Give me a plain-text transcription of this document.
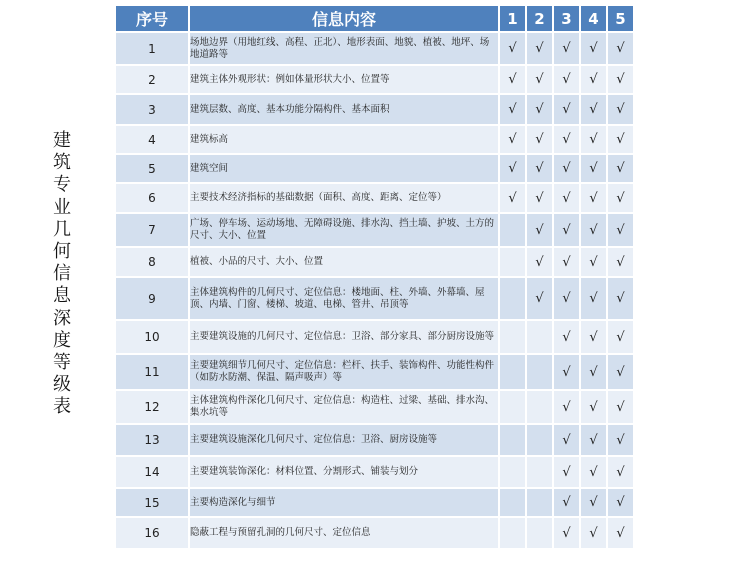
建
筑
专
业
几
何
信
息
深
度
等
级
表
序号	信息内容	1	2	3	4	5
1	场地边界（用地红线、高程、正北）、地形表面、地貌、植被、地坪、场地道路等	√	√	√	√	√
2	建筑主体外观形状：例如体量形状大小、位置等	√	√	√	√	√
3	建筑层数、高度、基本功能分隔构件、基本面积	√	√	√	√	√
4	建筑标高	√	√	√	√	√
5	建筑空间	√	√	√	√	√
6	主要技术经济指标的基础数据（面积、高度、距离、定位等）	√	√	√	√	√
7	广场、停车场、运动场地、无障碍设施、排水沟、挡土墙、护坡、土方的尺寸、大小、位置		√	√	√	√
8	植被、小品的尺寸、大小、位置		√	√	√	√
9	主体建筑构件的几何尺寸、定位信息：楼地面、柱、外墙、外幕墙、屋顶、内墙、门窗、楼梯、坡道、电梯、管井、吊顶等		√	√	√	√
10	主要建筑设施的几何尺寸、定位信息：卫浴、部分家具、部分厨房设施等			√	√	√
11	主要建筑细节几何尺寸、定位信息：栏杆、扶手、装饰构件、功能性构件（如防水防潮、保温、隔声吸声）等			√	√	√
12	主体建筑构件深化几何尺寸、定位信息：构造柱、过梁、基础、排水沟、集水坑等			√	√	√
13	主要建筑设施深化几何尺寸、定位信息：卫浴、厨房设施等			√	√	√
14	主要建筑装饰深化：材料位置、分割形式、铺装与划分			√	√	√
15	主要构造深化与细节			√	√	√
16	隐蔽工程与预留孔洞的几何尺寸、定位信息			√	√	√
